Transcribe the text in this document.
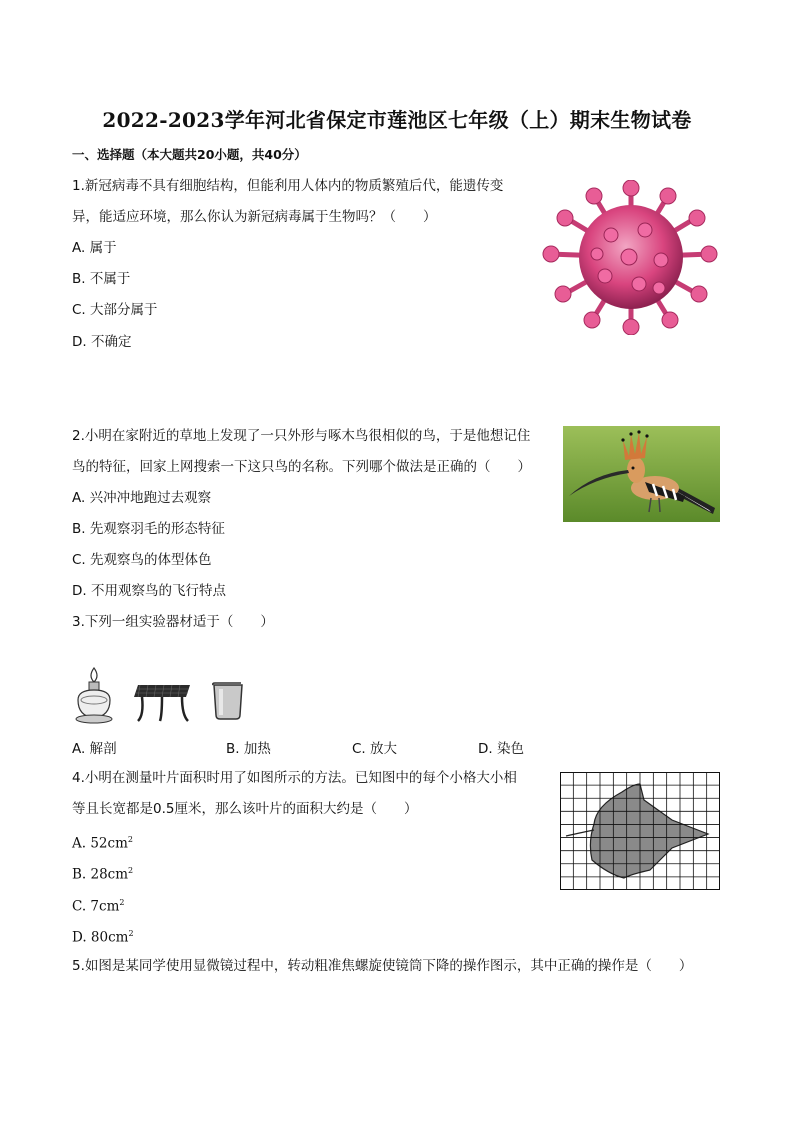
2022-2023学年河北省保定市莲池区七年级（上）期末生物试卷
一、选择题（本大题共20小题，共40分）
1.新冠病毒不具有细胞结构，但能利用人体内的物质繁殖后代，能遗传变
异，能适应环境，那么你认为新冠病毒属于生物吗？（　　）
A. 属于
B. 不属于
C. 大部分属于
D. 不确定
2.小明在家附近的草地上发现了一只外形与啄木鸟很相似的鸟，于是他想记住
鸟的特征，回家上网搜索一下这只鸟的名称。下列哪个做法是正确的（　　）
A. 兴冲冲地跑过去观察
B. 先观察羽毛的形态特征
C. 先观察鸟的体型体色
D. 不用观察鸟的飞行特点
3.下列一组实验器材适于（　　）
A. 解剖	B. 加热	C. 放大	D. 染色
4.小明在测量叶片面积时用了如图所示的方法。已知图中的每个小格大小相
等且长宽都是0.5厘米，那么该叶片的面积大约是（　　）
A. $52cm^2$
B. $28cm^2$
C. $7cm^2$
D. $80cm^2$
5.如图是某同学使用显微镜过程中，转动粗准焦螺旋使镜筒下降的操作图示，其中正确的操作是（　　）
